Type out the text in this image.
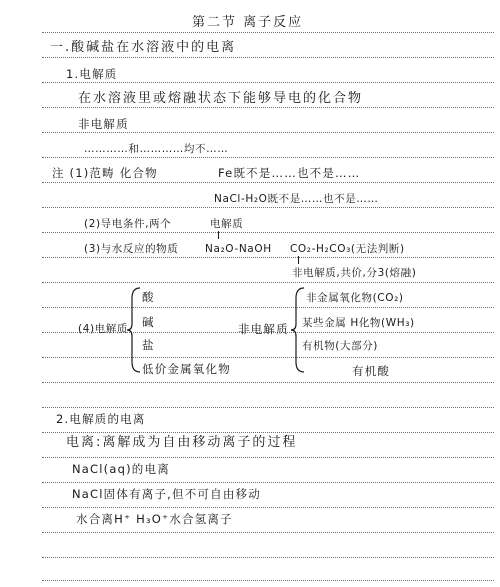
第二节 离子反应
一.酸碱盐在水溶液中的电离
1.电解质
在水溶液里或熔融状态下能够导电的化合物
非电解质
…………和…………均不……
注 (1)范畴 化合物	Fe既不是……也不是……
NaCl-H₂O既不是……也不是……
(2)导电条件,两个	电解质
(3)与水反应的物质	Na₂O-NaOH CO₂-H₂CO₃(无法判断)
非电解质,共价,分3(熔融)
(4)电解质
酸
碱
盐
低价金属氧化物
非电解质
非金属氧化物(CO₂)
某些金属 H化物(WH₃)
有机物(大部分)
有机酸
2.电解质的电离
电离:离解成为自由移动离子的过程
NaCl(aq)的电离
NaCl固体有离子,但不可自由移动
水合离H⁺ H₃O⁺水合氢离子
